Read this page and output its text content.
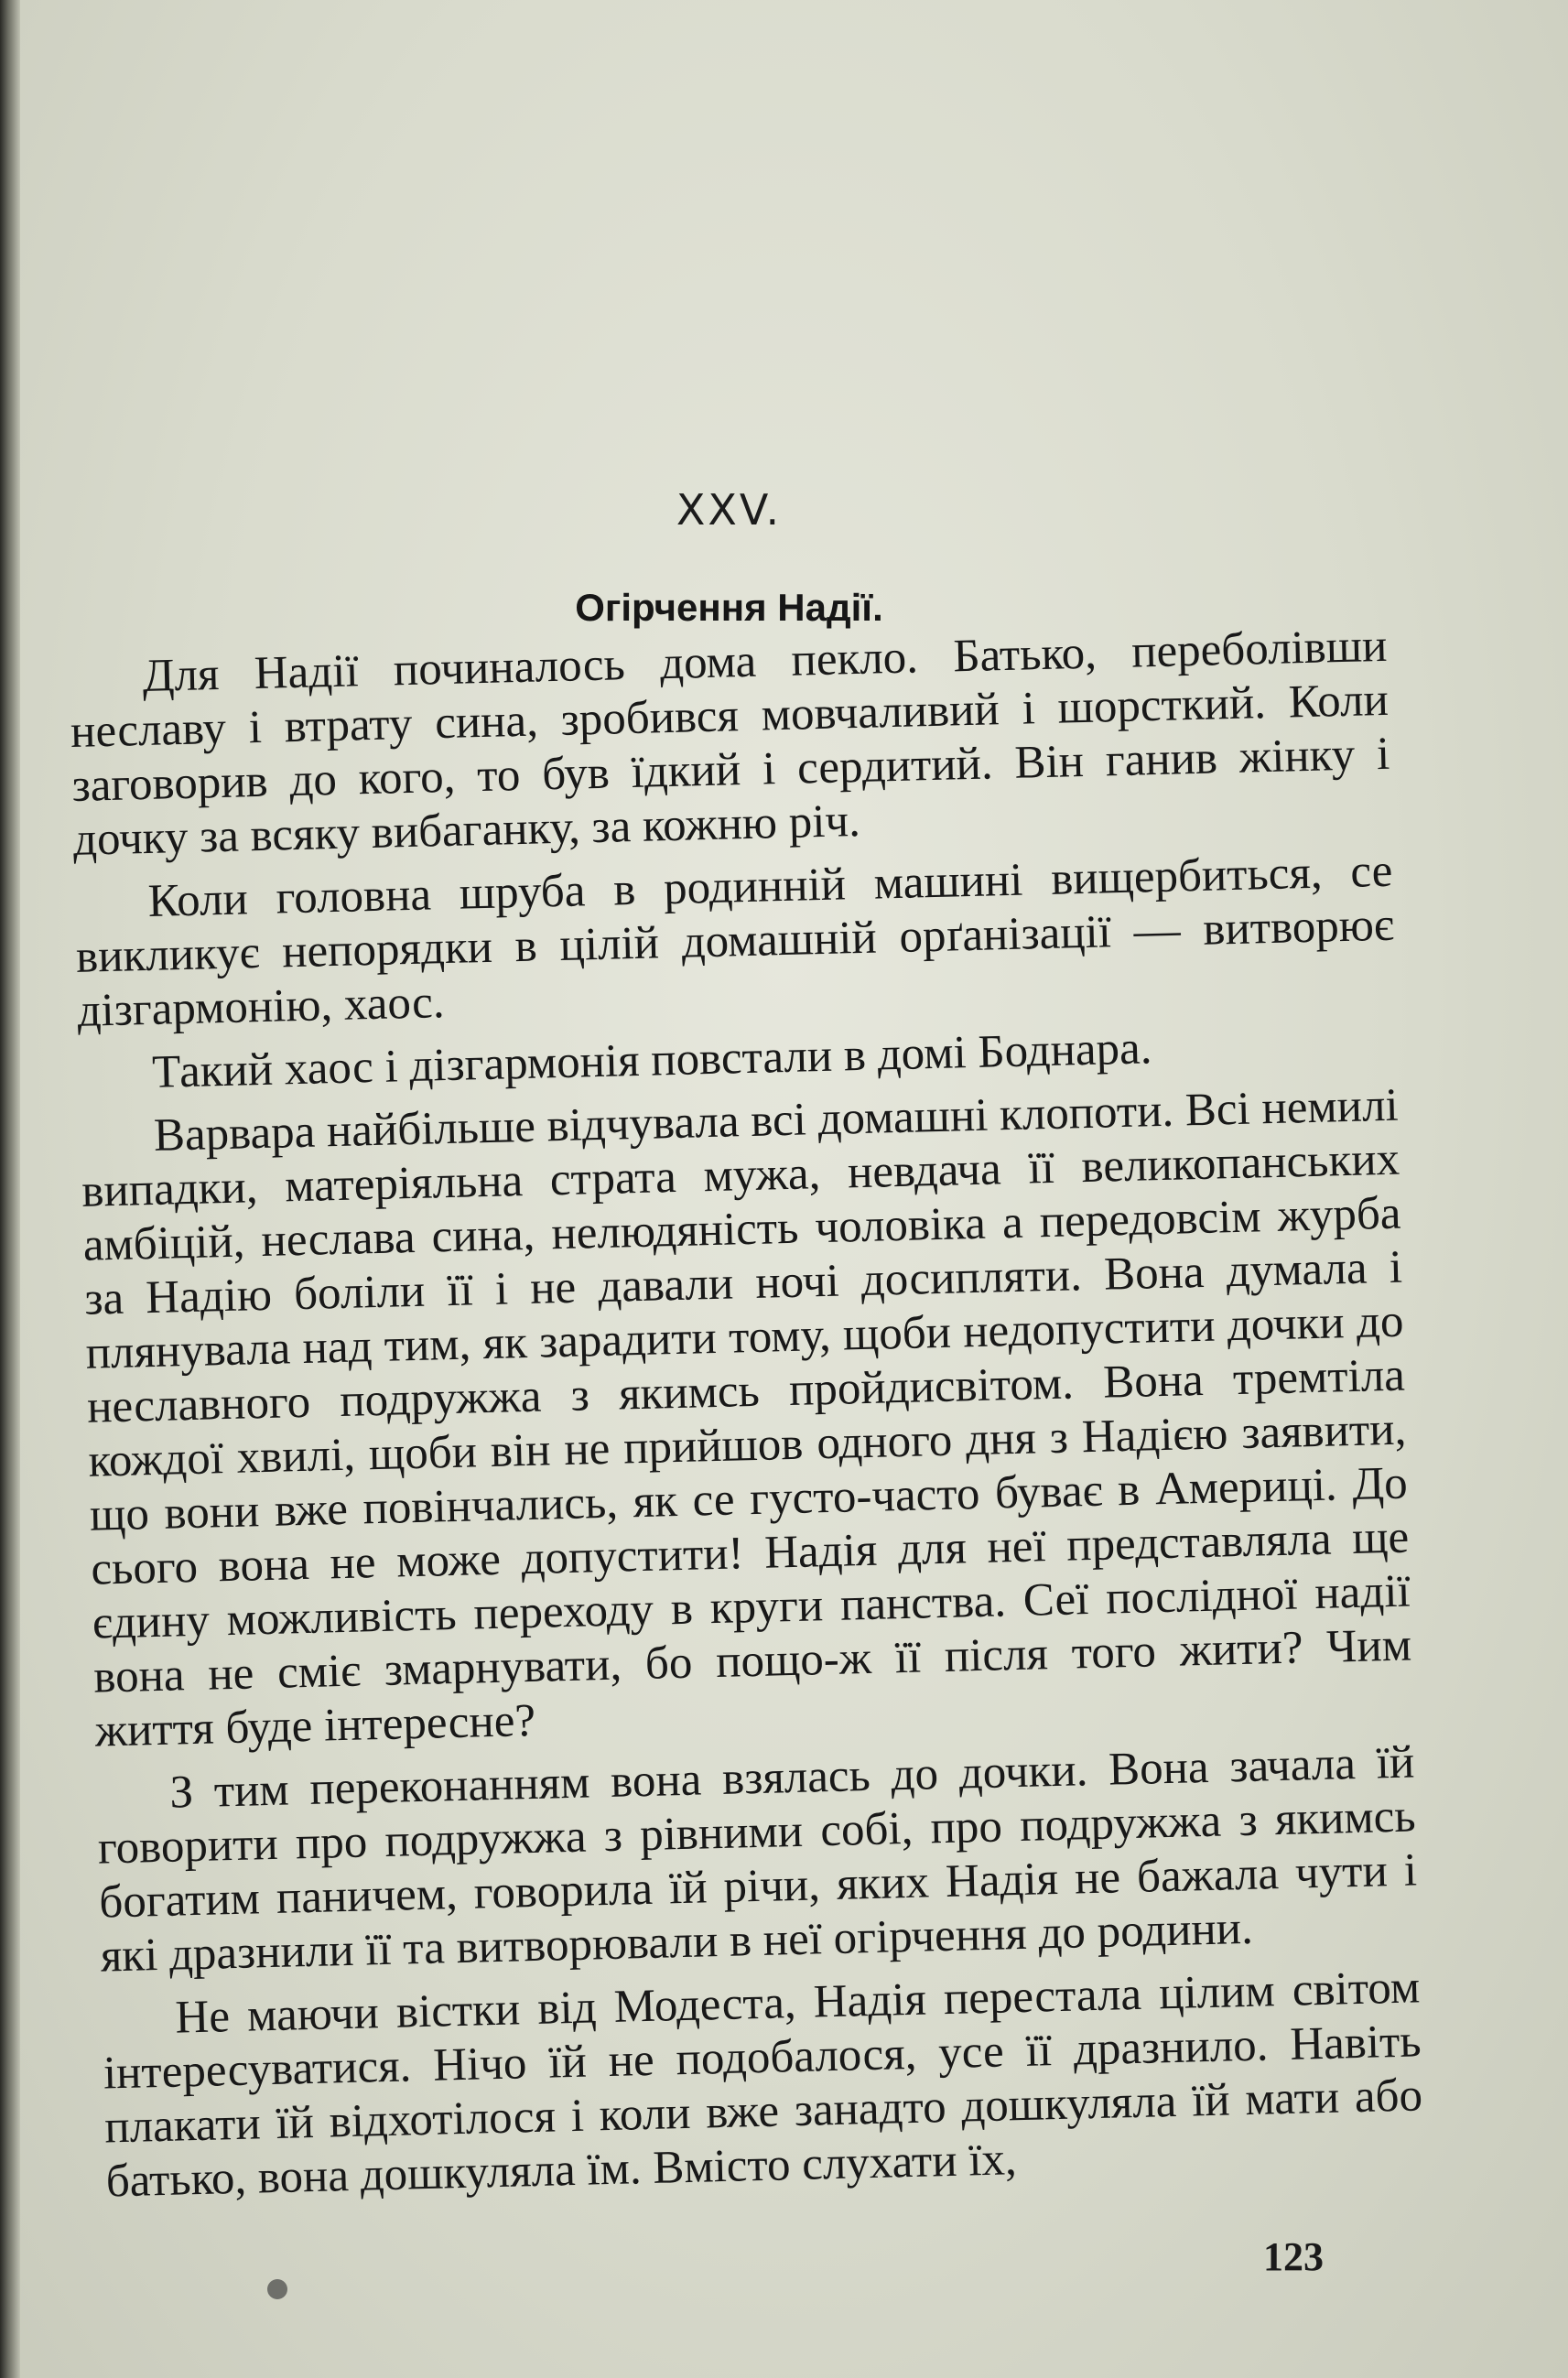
XXV.
Огірчення Надії.

Для Надії починалось дома пекло. Батько, переболівши неславу і втрату сина, зробився мовчаливий і шорсткий. Коли заговорив до кого, то був їдкий і сердитий. Він ганив жінку і дочку за всяку вибаганку, за кожню річ.

Коли головна шруба в родинній машині вищербиться, се викликує непорядки в цілій домашній орґанізації — витворює дізгармонію, хаос.

Такий хаос і дізгармонія повстали в домі Боднара.

Варвара найбільше відчувала всі домашні клопоти. Всі немилі випадки, матеріяльна страта мужа, невдача її великопанських амбіцій, неслава сина, нелюдяність чоловіка а передовсім журба за Надію боліли її і не давали ночі досипляти. Вона думала і плянувала над тим, як зарадити тому, щоби недопустити дочки до неславного подружжа з якимсь пройдисвітом. Вона тремтіла кождої хвилі, щоби він не прийшов одного дня з Надією заявити, що вони вже повінчались, як се густо-часто буває в Америці. До сього вона не може допустити! Надія для неї представляла ще єдину можливість переходу в круги панства. Сеї послідної надії вона не сміє змарнувати, бо пощо-ж її після того жити? Чим життя буде інтересне?

З тим переконанням вона взялась до дочки. Вона зачала їй говорити про подружжа з рівними собі, про подружжа з якимсь богатим паничем, говорила їй річи, яких Надія не бажала чути і які дразнили її та витворювали в неї огірчення до родини.

Не маючи вістки від Модеста, Надія перестала цілим світом інтересуватися. Нічо їй не подобалося, усе її дразнило. Навіть плакати їй відхотілося і коли вже занадто дошкуляла їй мати або батько, вона дошкуляла їм. Вмісто слухати їх,

123
